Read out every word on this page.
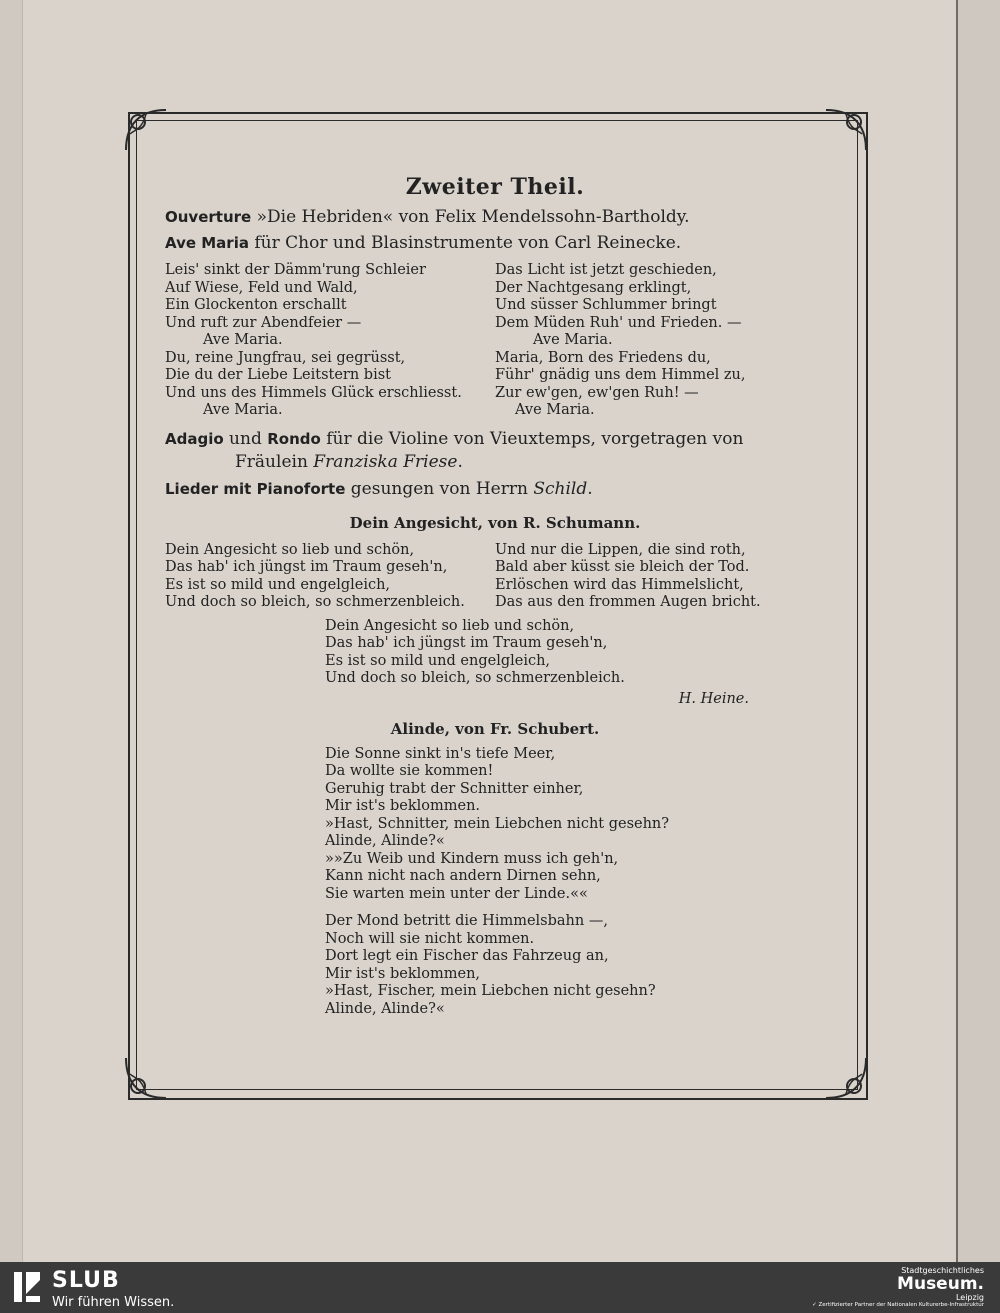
Zweiter Theil.
Ouverture »Die Hebriden« von Felix Mendelssohn-Bartholdy.
Ave Maria für Chor und Blasinstrumente von Carl Reinecke.
Leis' sinkt der Dämm'rung Schleier
Auf Wiese, Feld und Wald,
Ein Glockenton erschallt
Und ruft zur Abendfeier —
Ave Maria.
Du, reine Jungfrau, sei gegrüsst,
Die du der Liebe Leitstern bist
Und uns des Himmels Glück erschliesst.
Ave Maria.
Das Licht ist jetzt geschieden,
Der Nachtgesang erklingt,
Und süsser Schlummer bringt
Dem Müden Ruh' und Frieden. —
Ave Maria.
Maria, Born des Friedens du,
Führ' gnädig uns dem Himmel zu,
Zur ew'gen, ew'gen Ruh! —
Ave Maria.
Adagio und Rondo für die Violine von Vieuxtemps, vorgetragen von
Fräulein Franziska Friese.
Lieder mit Pianoforte gesungen von Herrn Schild.
Dein Angesicht, von R. Schumann.
Dein Angesicht so lieb und schön,
Das hab' ich jüngst im Traum geseh'n,
Es ist so mild und engelgleich,
Und doch so bleich, so schmerzenbleich.
Und nur die Lippen, die sind roth,
Bald aber küsst sie bleich der Tod.
Erlöschen wird das Himmelslicht,
Das aus den frommen Augen bricht.
Dein Angesicht so lieb und schön,
Das hab' ich jüngst im Traum geseh'n,
Es ist so mild und engelgleich,
Und doch so bleich, so schmerzenbleich.
H. Heine.
Alinde, von Fr. Schubert.
Die Sonne sinkt in's tiefe Meer,
Da wollte sie kommen!
Geruhig trabt der Schnitter einher,
Mir ist's beklommen.
»Hast, Schnitter, mein Liebchen nicht gesehn?
Alinde, Alinde?«
»»Zu Weib und Kindern muss ich geh'n,
Kann nicht nach andern Dirnen sehn,
Sie warten mein unter der Linde.««
Der Mond betritt die Himmelsbahn —,
Noch will sie nicht kommen.
Dort legt ein Fischer das Fahrzeug an,
Mir ist's beklommen,
»Hast, Fischer, mein Liebchen nicht gesehn?
Alinde, Alinde?«
SLUB
Wir führen Wissen.
Stadtgeschichtliches
Museum.
Leipzig
✓ Zertifizierter Partner der Nationalen Kulturerbe-Infrastruktur
